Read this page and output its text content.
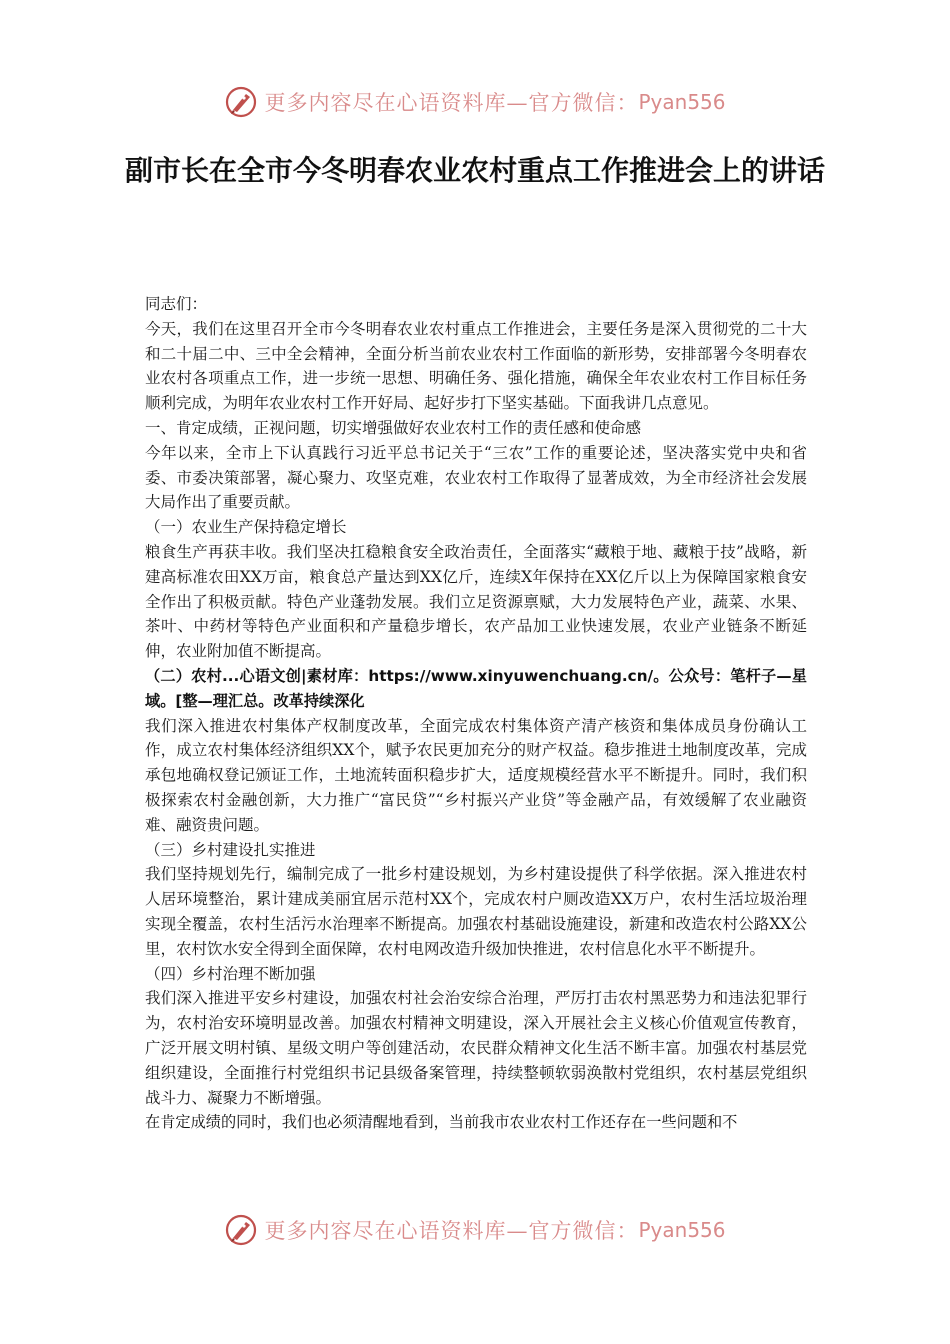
更多内容尽在心语资料库—官方微信： Pyan556
副市长在全市今冬明春农业农村重点工作推进会上的讲话

同志们：

今天，我们在这里召开全市今冬明春农业农村重点工作推进会，主要任务是深入贯彻党的二十大和二十届二中、三中全会精神，全面分析当前农业农村工作面临的新形势，安排部署今冬明春农业农村各项重点工作，进一步统一思想、明确任务、强化措施，确保全年农业农村工作目标任务顺利完成，为明年农业农村工作开好局、起好步打下坚实基础。下面我讲几点意见。

一、肯定成绩，正视问题，切实增强做好农业农村工作的责任感和使命感

今年以来，全市上下认真践行习近平总书记关于“三农”工作的重要论述，坚决落实党中央和省委、市委决策部署，凝心聚力、攻坚克难，农业农村工作取得了显著成效，为全市经济社会发展大局作出了重要贡献。

（一）农业生产保持稳定增长

粮食生产再获丰收。我们坚决扛稳粮食安全政治责任，全面落实“藏粮于地、藏粮于技”战略，新建高标准农田XX万亩，粮食总产量达到XX亿斤，连续X年保持在XX亿斤以上为保障国家粮食安全作出了积极贡献。特色产业蓬勃发展。我们立足资源禀赋，大力发展特色产业，蔬菜、水果、茶叶、中药材等特色产业面积和产量稳步增长，农产品加工业快速发展，农业产业链条不断延伸，农业附加值不断提高。

（二）农村...心语文创|素材库：https://www.xinyuwenchuang.cn/。公众号：笔杆子—星域。[整—理汇总。改革持续深化

我们深入推进农村集体产权制度改革，全面完成农村集体资产清产核资和集体成员身份确认工作，成立农村集体经济组织XX个，赋予农民更加充分的财产权益。稳步推进土地制度改革，完成承包地确权登记颁证工作，土地流转面积稳步扩大，适度规模经营水平不断提升。同时，我们积极探索农村金融创新，大力推广“富民贷”“乡村振兴产业贷”等金融产品，有效缓解了农业融资难、融资贵问题。

（三）乡村建设扎实推进

我们坚持规划先行，编制完成了一批乡村建设规划，为乡村建设提供了科学依据。深入推进农村人居环境整治，累计建成美丽宜居示范村XX个，完成农村户厕改造XX万户，农村生活垃圾治理实现全覆盖，农村生活污水治理率不断提高。加强农村基础设施建设，新建和改造农村公路XX公里，农村饮水安全得到全面保障，农村电网改造升级加快推进，农村信息化水平不断提升。

（四）乡村治理不断加强

我们深入推进平安乡村建设，加强农村社会治安综合治理，严厉打击农村黑恶势力和违法犯罪行为，农村治安环境明显改善。加强农村精神文明建设，深入开展社会主义核心价值观宣传教育，广泛开展文明村镇、星级文明户等创建活动，农民群众精神文化生活不断丰富。加强农村基层党组织建设，全面推行村党组织书记县级备案管理，持续整顿软弱涣散村党组织，农村基层党组织战斗力、凝聚力不断增强。

在肯定成绩的同时，我们也必须清醒地看到，当前我市农业农村工作还存在一些问题和不

更多内容尽在心语资料库—官方微信： Pyan556
